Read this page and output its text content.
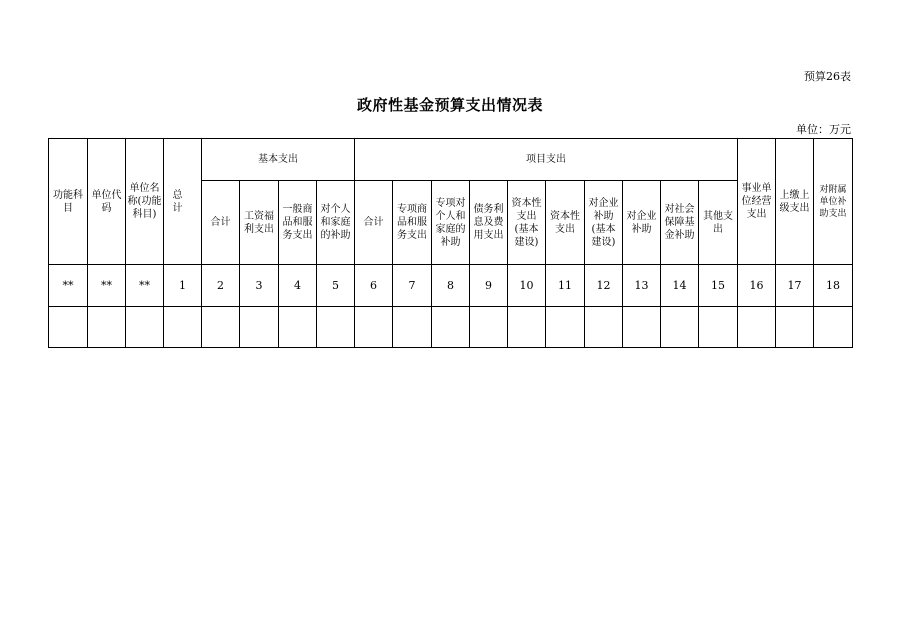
预算26表
政府性基金预算支出情况表
单位：万元
功能科
目	单位代
码	单位名
称(功能
科目)	总 计	基本支出				项目支出										事业单
位经营
支出	上缴上
级支出	对附属
单位补
助支出
				合计	工资福
利支出	一般商
品和服
务支出	对个人
和家庭
的补助	合计	专项商
品和服
务支出	专项对
个人和
家庭的
补助	债务利
息及费
用支出	资本性
支出
(基本
建设)	资本性
支出	对企业
补助
(基本
建设)	对企业
补助	对社会
保障基
金补助	其他支
出			
**	**	**	1	2	3	4	5	6	7	8	9	10	11	12	13	14	15	16	17	18
